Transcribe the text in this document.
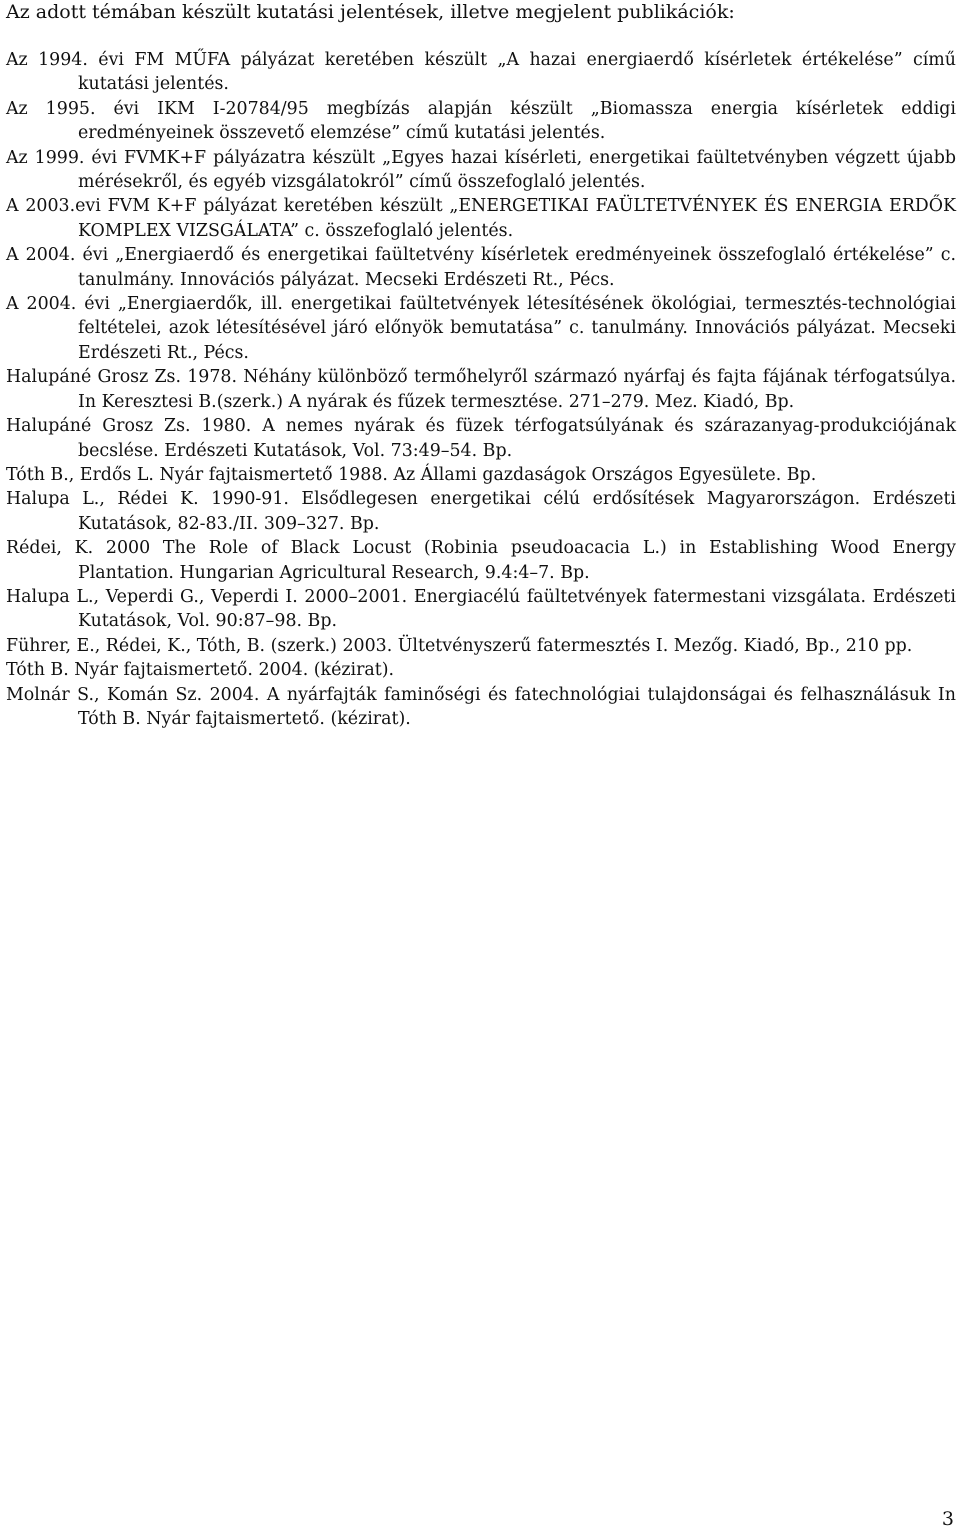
Az adott témában készült kutatási jelentések, illetve megjelent publikációk:
Az 1994. évi FM MŰFA pályázat keretében készült „A hazai energiaerdő kísérletek értékelése” című kutatási jelentés.
Az 1995. évi IKM I-20784/95 megbízás alapján készült „Biomassza energia kísérletek eddigi eredményeinek összevető elemzése” című kutatási jelentés.
Az 1999. évi FVMK+F pályázatra készült „Egyes hazai kísérleti, energetikai faültetvényben végzett újabb mérésekről, és egyéb vizsgálatokról” című összefoglaló jelentés.
A 2003.evi FVM K+F pályázat keretében készült „ENERGETIKAI FAÜLTETVÉNYEK ÉS ENERGIA ERDŐK KOMPLEX VIZSGÁLATA” c. összefoglaló jelentés.
A 2004. évi „Energiaerdő és energetikai faültetvény kísérletek eredményeinek összefoglaló értékelése” c. tanulmány. Innovációs pályázat. Mecseki Erdészeti Rt., Pécs.
A 2004. évi „Energiaerdők, ill. energetikai faültetvények létesítésének ökológiai, termesztés-technológiai feltételei, azok létesítésével járó előnyök bemutatása” c. tanulmány. Innovációs pályázat. Mecseki Erdészeti Rt., Pécs.
Halupáné Grosz Zs. 1978. Néhány különböző termőhelyről származó nyárfaj és fajta fájának térfogatsúlya. In Keresztesi B.(szerk.) A nyárak és fűzek termesztése. 271–279. Mez. Kiadó, Bp.
Halupáné Grosz Zs. 1980. A nemes nyárak és füzek térfogatsúlyának és szárazanyag-produkciójának becslése. Erdészeti Kutatások, Vol. 73:49–54. Bp.
Tóth B., Erdős L. Nyár fajtaismertető 1988. Az Állami gazdaságok Országos Egyesülete. Bp.
Halupa L., Rédei K. 1990-91. Elsődlegesen energetikai célú erdősítések Magyarországon. Erdészeti Kutatások, 82-83./II. 309–327. Bp.
Rédei, K. 2000 The Role of Black Locust (Robinia pseudoacacia L.) in Establishing Wood Energy Plantation. Hungarian Agricultural Research, 9.4:4–7. Bp.
Halupa L., Veperdi G., Veperdi I. 2000–2001. Energiacélú faültetvények fatermestani vizsgálata. Erdészeti Kutatások, Vol. 90:87–98. Bp.
Führer, E., Rédei, K., Tóth, B. (szerk.) 2003. Ültetvényszerű fatermesztés I. Mezőg. Kiadó, Bp., 210 pp.
Tóth B. Nyár fajtaismertető. 2004. (kézirat).
Molnár S., Komán Sz. 2004. A nyárfajták faminőségi és fatechnológiai tulajdonságai és felhasználásuk In Tóth B. Nyár fajtaismertető. (kézirat).
3
